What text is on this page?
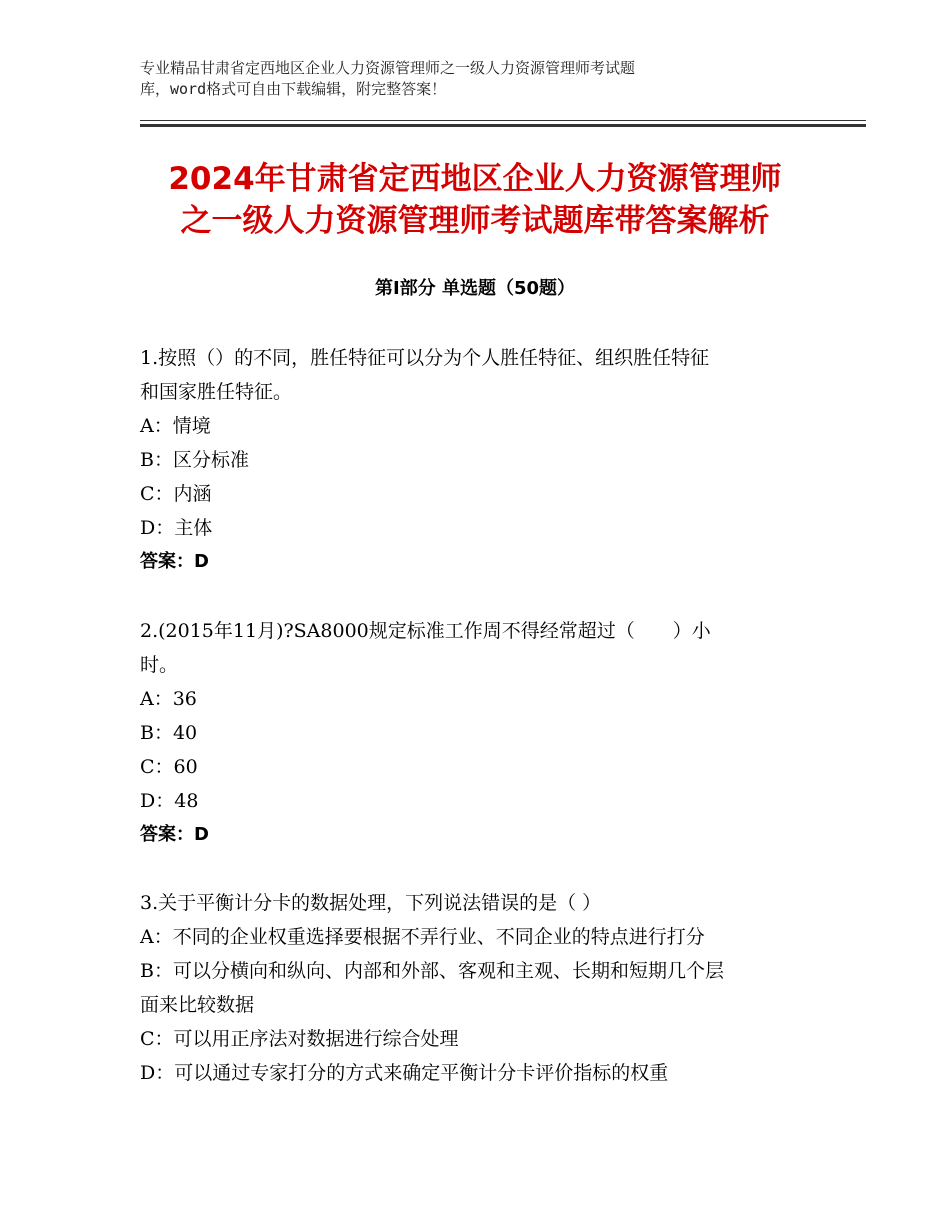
专业精品甘肃省定西地区企业人力资源管理师之一级人力资源管理师考试题
库，word格式可自由下载编辑，附完整答案！
2024年甘肃省定西地区企业人力资源管理师
之一级人力资源管理师考试题库带答案解析
第Ⅰ部分 单选题（50题）
1.按照（）的不同，胜任特征可以分为个人胜任特征、组织胜任特征
和国家胜任特征。
A：情境
B：区分标准
C：内涵
D：主体
答案：D
2.(2015年11月)?SA8000规定标准工作周不得经常超过（　　）小
时。
A：36
B：40
C：60
D：48
答案：D
3.关于平衡计分卡的数据处理，下列说法错误的是（ ）
A：不同的企业权重选择要根据不弄行业、不同企业的特点进行打分
B：可以分横向和纵向、内部和外部、客观和主观、长期和短期几个层
面来比较数据
C：可以用正序法对数据进行综合处理
D：可以通过专家打分的方式来确定平衡计分卡评价指标的权重
